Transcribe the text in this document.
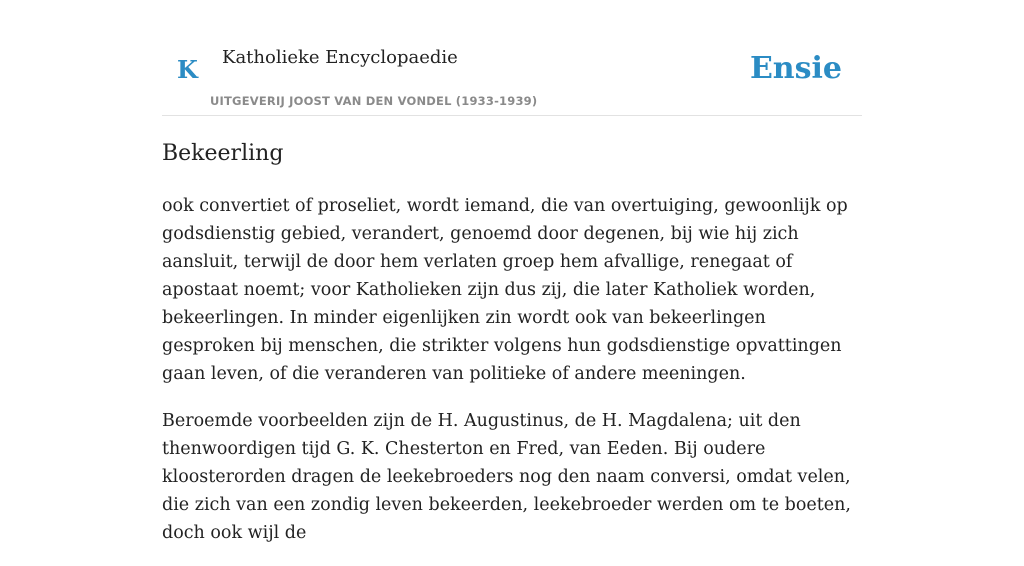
K Katholieke Encyclopaedie
UITGEVERIJ JOOST VAN DEN VONDEL (1933-1939)
Ensie
Bekeerling

ook convertiet of proseliet, wordt iemand, die van overtuiging, gewoonlijk op godsdienstig gebied, verandert, genoemd door degenen, bij wie hij zich aansluit, terwijl de door hem verlaten groep hem afvallige, renegaat of apostaat noemt; voor Katholieken zijn dus zij, die later Katholiek worden, bekeerlingen. In minder eigenlijken zin wordt ook van bekeerlingen gesproken bij menschen, die strikter volgens hun godsdienstige opvattingen gaan leven, of die veranderen van politieke of andere meeningen.

Beroemde voorbeelden zijn de H. Augustinus, de H. Magdalena; uit den thenwoordigen tijd G. K. Chesterton en Fred, van Eeden. Bij oudere kloosterorden dragen de leekebroeders nog den naam conversi, omdat velen, die zich van een zondig leven bekeerden, leekebroeder werden om te boeten, doch ook wijl de
